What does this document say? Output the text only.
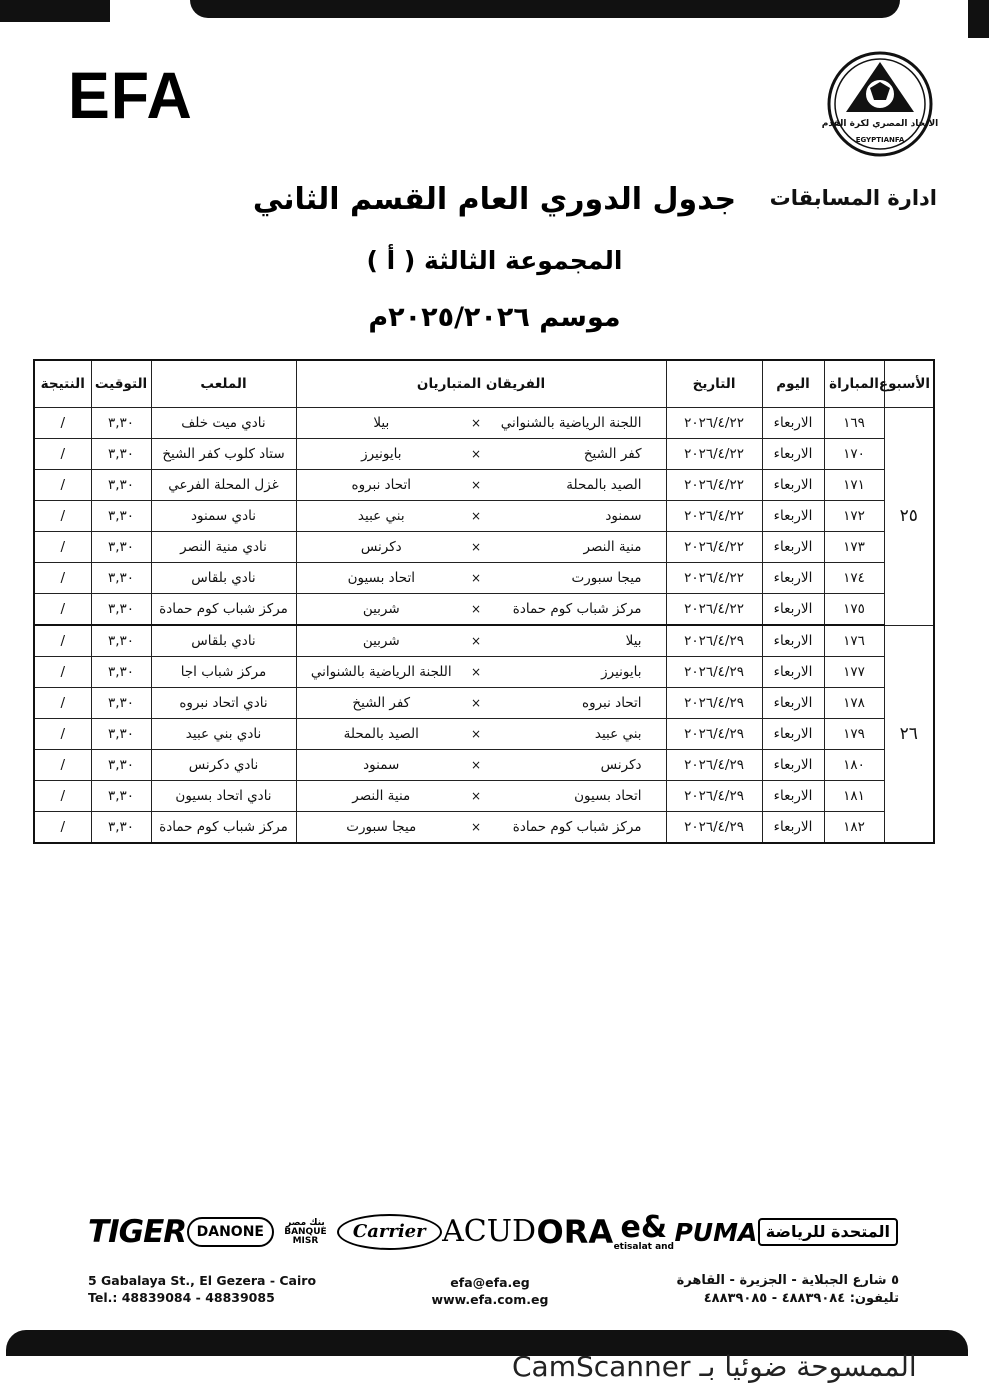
EFA	الاتحاد المصري لكرة القدم
EGYPTIANFA
ادارة المسابقات
جدول الدوري العام القسم الثاني
المجموعة الثالثة ( أ )
موسم ٢٠٢٥/٢٠٢٦م
الأسبوع	المباراة	اليوم	التاريخ	الفريقان المتباريان			الملعب	التوقيت	النتيجة
٢٥	١٦٩	الاربعاء	٢٠٢٦/٤/٢٢	اللجنة الرياضية بالشنواني	×	بيلا	نادي ميت خلف	٣,٣٠	/
	١٧٠	الاربعاء	٢٠٢٦/٤/٢٢	كفر الشيخ	×	بايونيرز	ستاد كلوب كفر الشيخ	٣,٣٠	/
	١٧١	الاربعاء	٢٠٢٦/٤/٢٢	الصيد بالمحلة	×	اتحاد نبروه	غزل المحلة الفرعي	٣,٣٠	/
	١٧٢	الاربعاء	٢٠٢٦/٤/٢٢	سمنود	×	بني عبيد	نادي سمنود	٣,٣٠	/
	١٧٣	الاربعاء	٢٠٢٦/٤/٢٢	منية النصر	×	دكرنس	نادي منية النصر	٣,٣٠	/
	١٧٤	الاربعاء	٢٠٢٦/٤/٢٢	ميجا سبورت	×	اتحاد بسيون	نادي بلقاس	٣,٣٠	/
	١٧٥	الاربعاء	٢٠٢٦/٤/٢٢	مركز شباب كوم حمادة	×	شربين	مركز شباب كوم حمادة	٣,٣٠	/
٢٦	١٧٦	الاربعاء	٢٠٢٦/٤/٢٩	بيلا	×	شربين	نادي بلقاس	٣,٣٠	/
	١٧٧	الاربعاء	٢٠٢٦/٤/٢٩	بايونيرز	×	اللجنة الرياضية بالشنواني	مركز شباب اجا	٣,٣٠	/
	١٧٨	الاربعاء	٢٠٢٦/٤/٢٩	اتحاد نبروه	×	كفر الشيخ	نادي اتحاد نبروه	٣,٣٠	/
	١٧٩	الاربعاء	٢٠٢٦/٤/٢٩	بني عبيد	×	الصيد بالمحلة	نادي بني عبيد	٣,٣٠	/
	١٨٠	الاربعاء	٢٠٢٦/٤/٢٩	دكرنس	×	سمنود	نادي دكرنس	٣,٣٠	/
	١٨١	الاربعاء	٢٠٢٦/٤/٢٩	اتحاد بسيون	×	منية النصر	نادي اتحاد بسيون	٣,٣٠	/
	١٨٢	الاربعاء	٢٠٢٦/٤/٢٩	مركز شباب كوم حمادة	×	ميجا سبورت	مركز شباب كوم حمادة	٣,٣٠	/
TIGER DANONE
بنك مصر BANQUE MISR	Carrier ACUD ORA e&
etisalat and PUMA المتحدة للرياضة
5 Gabalaya St., El Gezera - Cairo
Tel.: 48839084 - 48839085
efa@efa.eg
www.efa.com.eg
٥ شارع الجبلاية - الجزيرة - القاهرة
تليفون: ٤٨٨٣٩٠٨٤ - ٤٨٨٣٩٠٨٥
الممسوحة ضوئيا بـ CamScanner
